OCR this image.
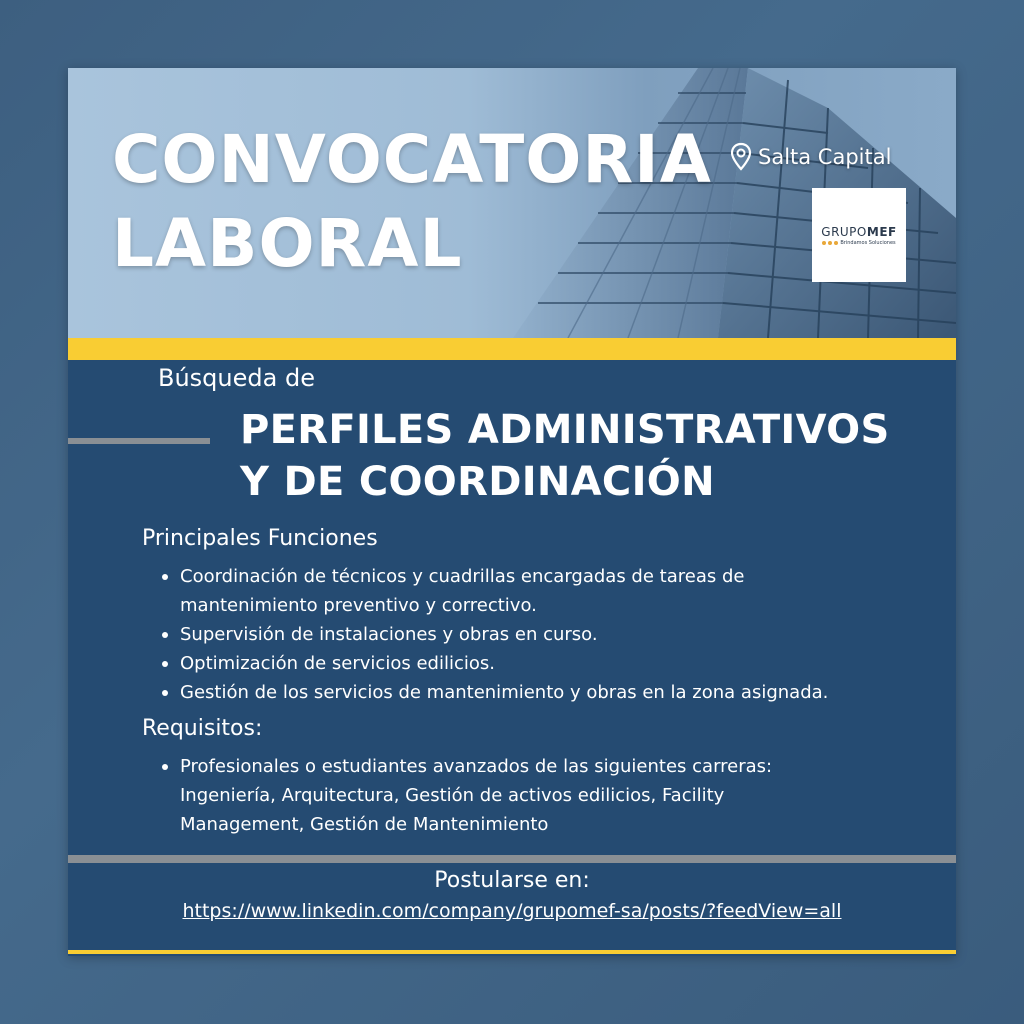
CONVOCATORIA
LABORAL
Salta Capital
GRUPOMEF
Brindamos Soluciones
Búsqueda de
PERFILES ADMINISTRATIVOS
Y DE COORDINACIÓN
Principales Funciones
Coordinación de técnicos y cuadrillas encargadas de tareas de
mantenimiento preventivo y correctivo.
Supervisión de instalaciones y obras en curso.
Optimización de servicios edilicios.
Gestión de los servicios de mantenimiento y obras en la zona asignada.
Requisitos:
Profesionales o estudiantes avanzados de las siguientes carreras:
Ingeniería, Arquitectura, Gestión de activos edilicios, Facility
Management, Gestión de Mantenimiento
Postularse en:
https://www.linkedin.com/company/grupomef-sa/posts/?feedView=all
